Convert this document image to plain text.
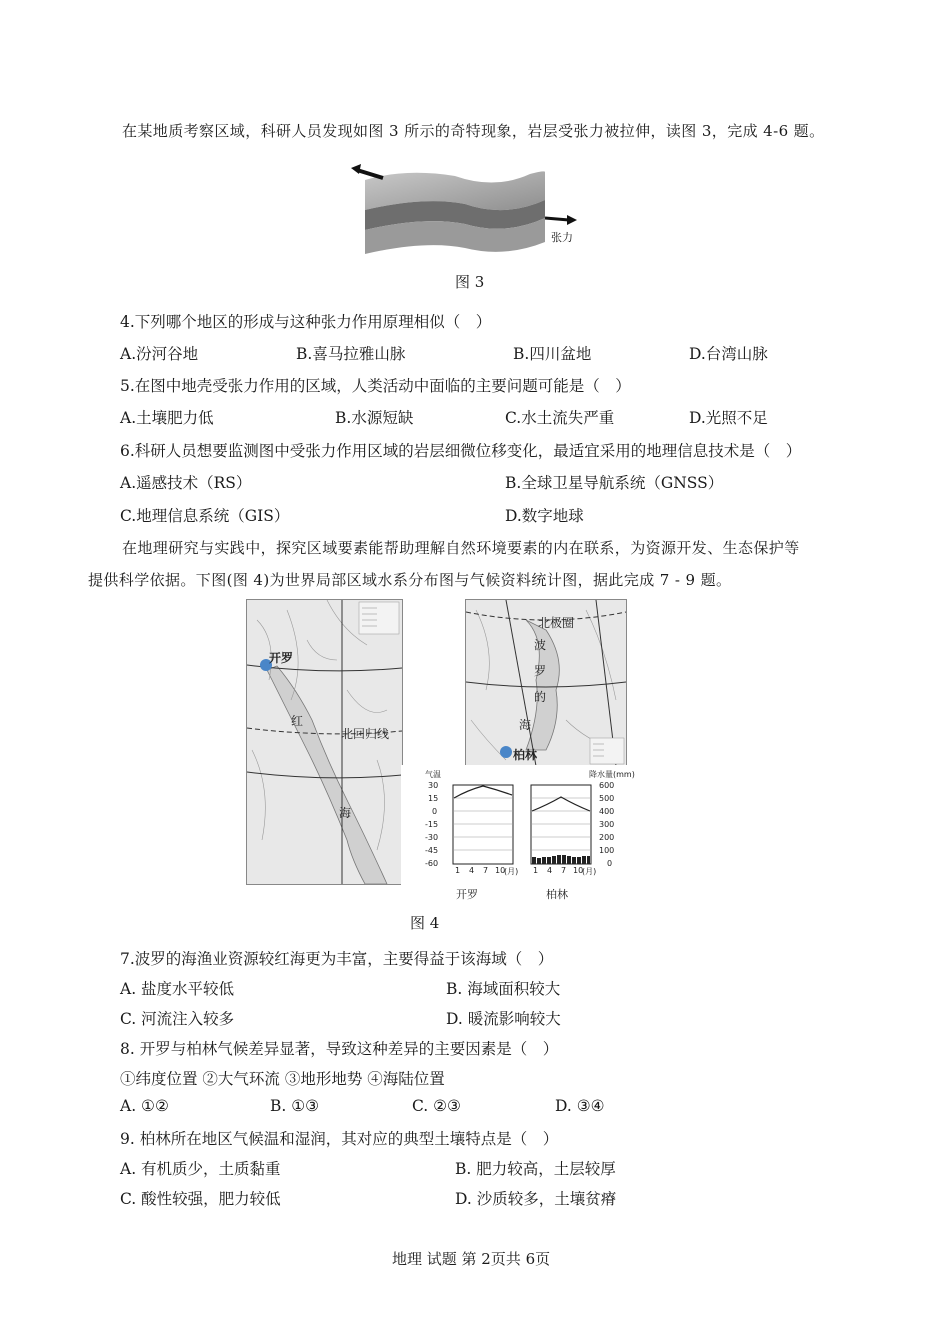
在某地质考察区域，科研人员发现如图 3 所示的奇特现象，岩层受张力被拉伸，读图 3，完成 4-6 题。
张力
图 3
4.下列哪个地区的形成与这种张力作用原理相似（　）
A.汾河谷地	B.喜马拉雅山脉	B.四川盆地	D.台湾山脉
5.在图中地壳受张力作用的区域，人类活动中面临的主要问题可能是（　）
A.土壤肥力低	B.水源短缺	C.水土流失严重	D.光照不足
6.科研人员想要监测图中受张力作用区域的岩层细微位移变化，最适宜采用的地理信息技术是（　）
A.遥感技术（RS）	B.全球卫星导航系统（GNSS）
C.地理信息系统（GIS）	D.数字地球
在地理研究与实践中，探究区域要素能帮助理解自然环境要素的内在联系，为资源开发、生态保护等
提供科学依据。下图(图 4)为世界局部区域水系分布图与气候资料统计图，据此完成 7 - 9 题。
开罗
红
北回归线
海
北极圈
波
罗
的
海
柏林
气温	降水量(mm)
30
15
0
-15
-30
-45
-60
600
500
400
300
200
100
0
1 4 7 10
(月) 1 4 7 10
(月)
开罗	柏林
图 4
7.波罗的海渔业资源较红海更为丰富，主要得益于该海域（　）
A. 盐度水平较低	B. 海域面积较大
C. 河流注入较多	D. 暖流影响较大
8. 开罗与柏林气候差异显著，导致这种差异的主要因素是（　）
①纬度位置 ②大气环流 ③地形地势 ④海陆位置
A. ①②	B. ①③	C. ②③	D. ③④
9. 柏林所在地区气候温和湿润，其对应的典型土壤特点是（　）
A. 有机质少，土质黏重	B. 肥力较高，土层较厚
C. 酸性较强，肥力较低	D. 沙质较多，土壤贫瘠
地理 试题 第 2页共 6页
